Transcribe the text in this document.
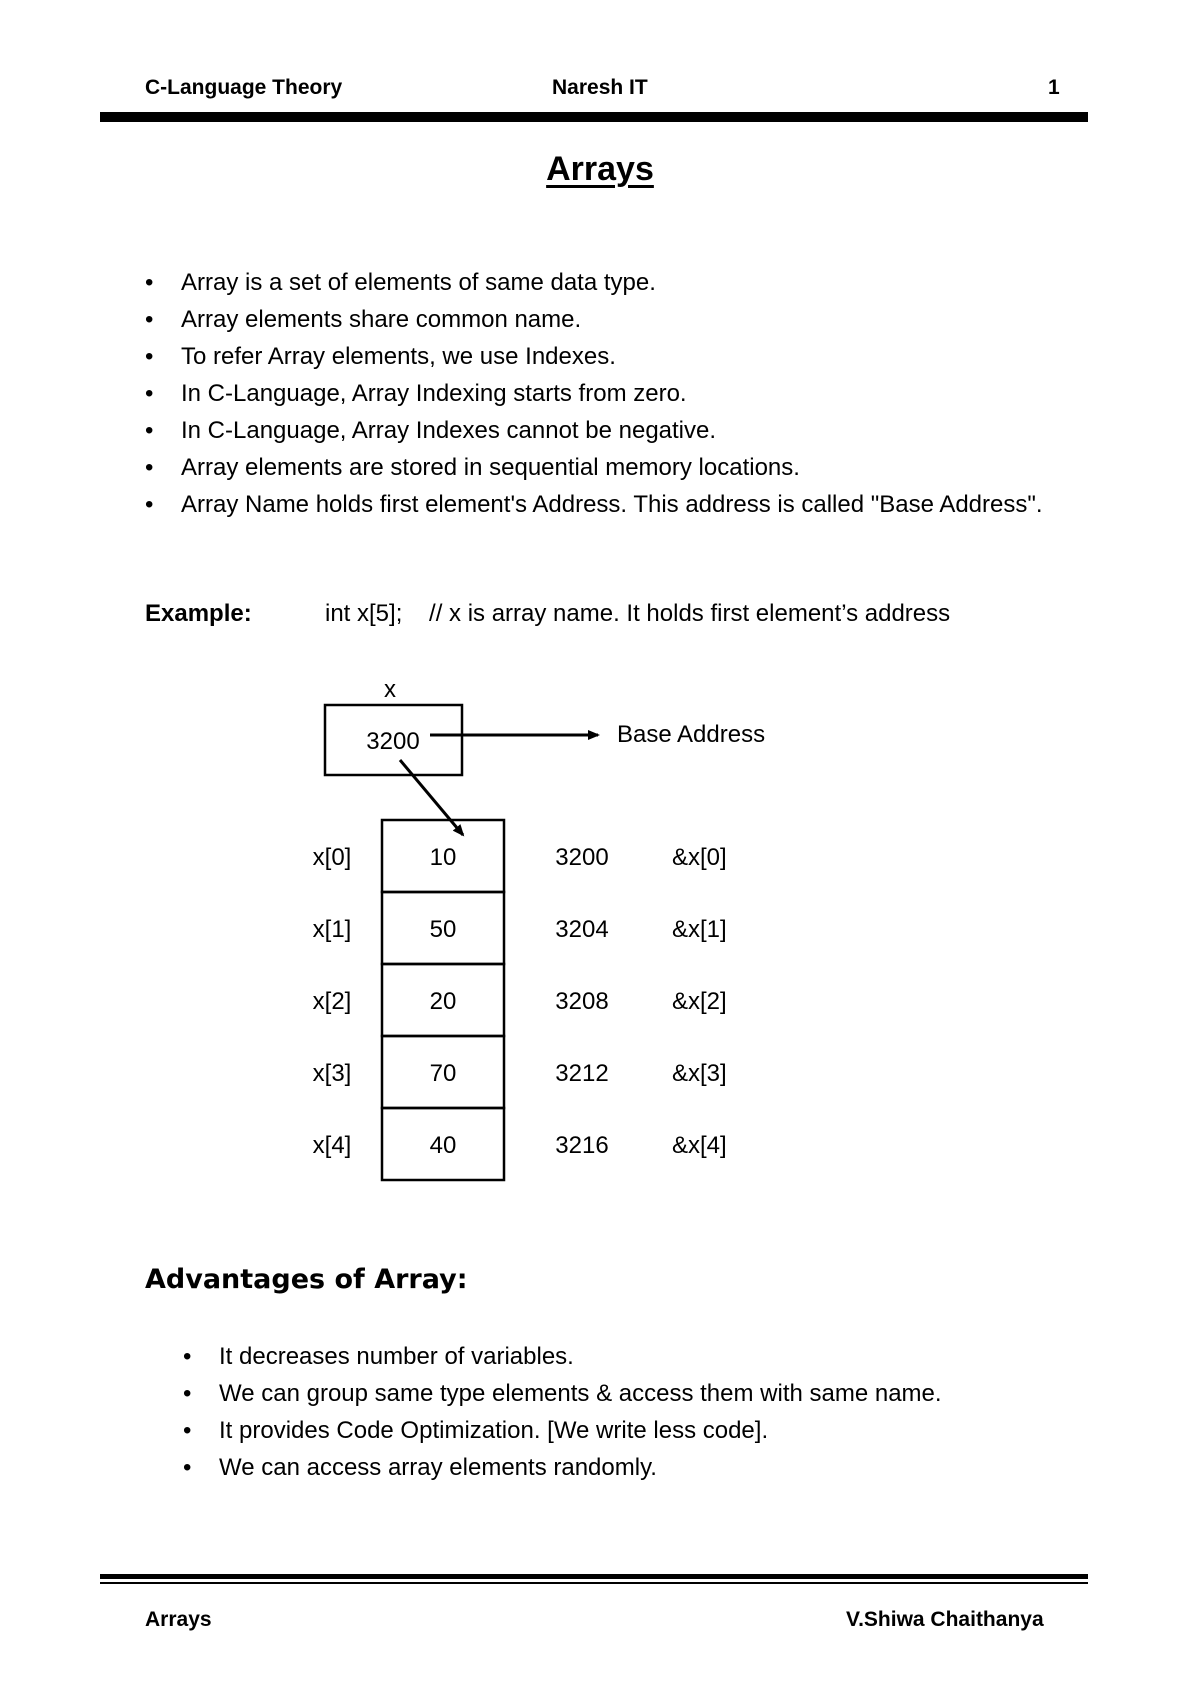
C-Language Theory	Naresh IT	1
Arrays
• Array is a set of elements of same data type.
• Array elements share common name.
• To refer Array elements, we use Indexes.
• In C-Language, Array Indexing starts from zero.
• In C-Language, Array Indexes cannot be negative.
• Array elements are stored in sequential memory locations.
• Array Name holds first element's Address. This address is called "Base Address".
Example:	int x[5];    // x is array name. It holds first element’s address
x
3200	Base Address
x[0]	10	3200	&x[0]
x[1]	50	3204	&x[1]
x[2]	20	3208	&x[2]
x[3]	70	3212	&x[3]
x[4]	40	3216	&x[4]
Advantages of Array:
• It decreases number of variables.
• We can group same type elements & access them with same name.
• It provides Code Optimization. [We write less code].
• We can access array elements randomly.
Arrays	V.Shiwa Chaithanya
